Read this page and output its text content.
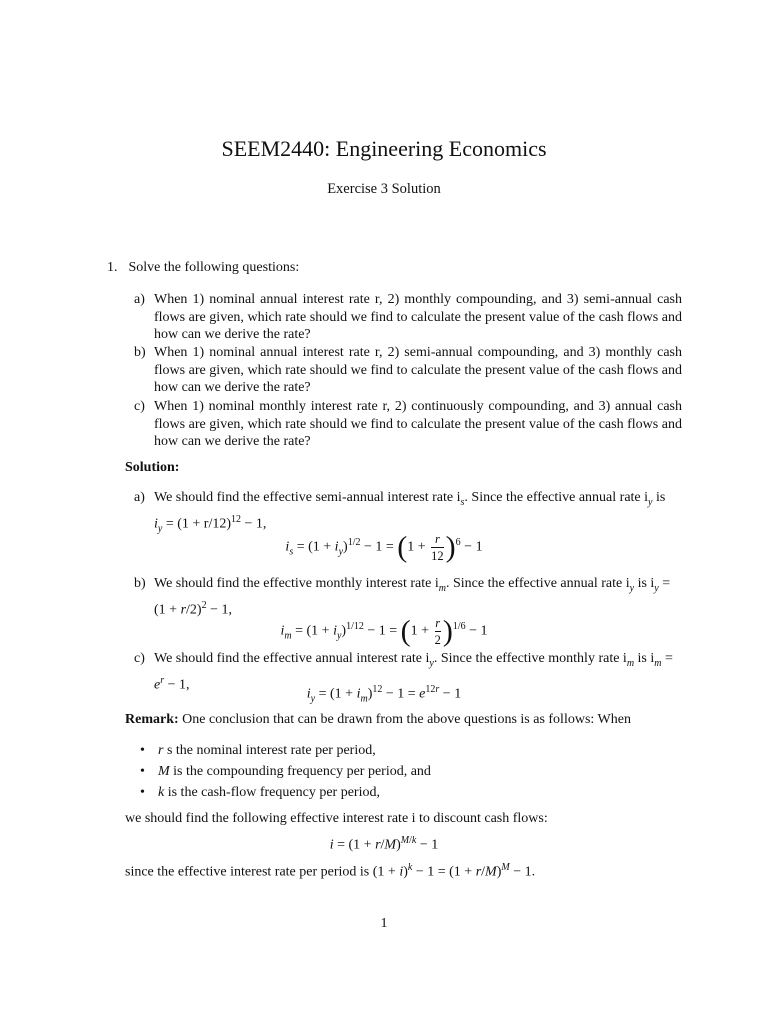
SEEM2440: Engineering Economics
Exercise 3 Solution
1. Solve the following questions:
a) When 1) nominal annual interest rate r, 2) monthly compounding, and 3) semi-annual cash flows are given, which rate should we find to calculate the present value of the cash flows and how can we derive the rate?
b) When 1) nominal annual interest rate r, 2) semi-annual compounding, and 3) monthly cash flows are given, which rate should we find to calculate the present value of the cash flows and how can we derive the rate?
c) When 1) nominal monthly interest rate r, 2) continuously compounding, and 3) annual cash flows are given, which rate should we find to calculate the present value of the cash flows and how can we derive the rate?
Solution:
a) We should find the effective semi-annual interest rate $i_s$. Since the effective annual rate $i_y$ is
$i_y = (1 + r/12)^{12} - 1$,
$i_s = (1 + i_y)^{1/2} - 1 = (1 + \frac{r}{12} )^6 - 1$
b) We should find the effective monthly interest rate $i_m$. Since the effective annual rate $i_y$ is $i_y$ =
$(1 + r/2)^2 - 1$,
$i_m = (1 + i_y)^{1/12} - 1 = (1 + \frac{r}{2} )^{1/6} - 1$
c) We should find the effective annual interest rate $i_y$. Since the effective monthly rate $i_m$ is $i_m$ =
$e^r - 1$,
$i_y = (1 + i_m)^{12} - 1 = e^{12r} - 1$
Remark: One conclusion that can be drawn from the above questions is as follows: When
• r s the nominal interest rate per period,
• M is the compounding frequency per period, and
• k is the cash-flow frequency per period,
we should find the following effective interest rate i to discount cash flows:
$i = (1 + r/M)^{M/k} - 1$
since the effective interest rate per period is $(1 + i)^k - 1 = (1 + r/M)^M - 1$.
1
